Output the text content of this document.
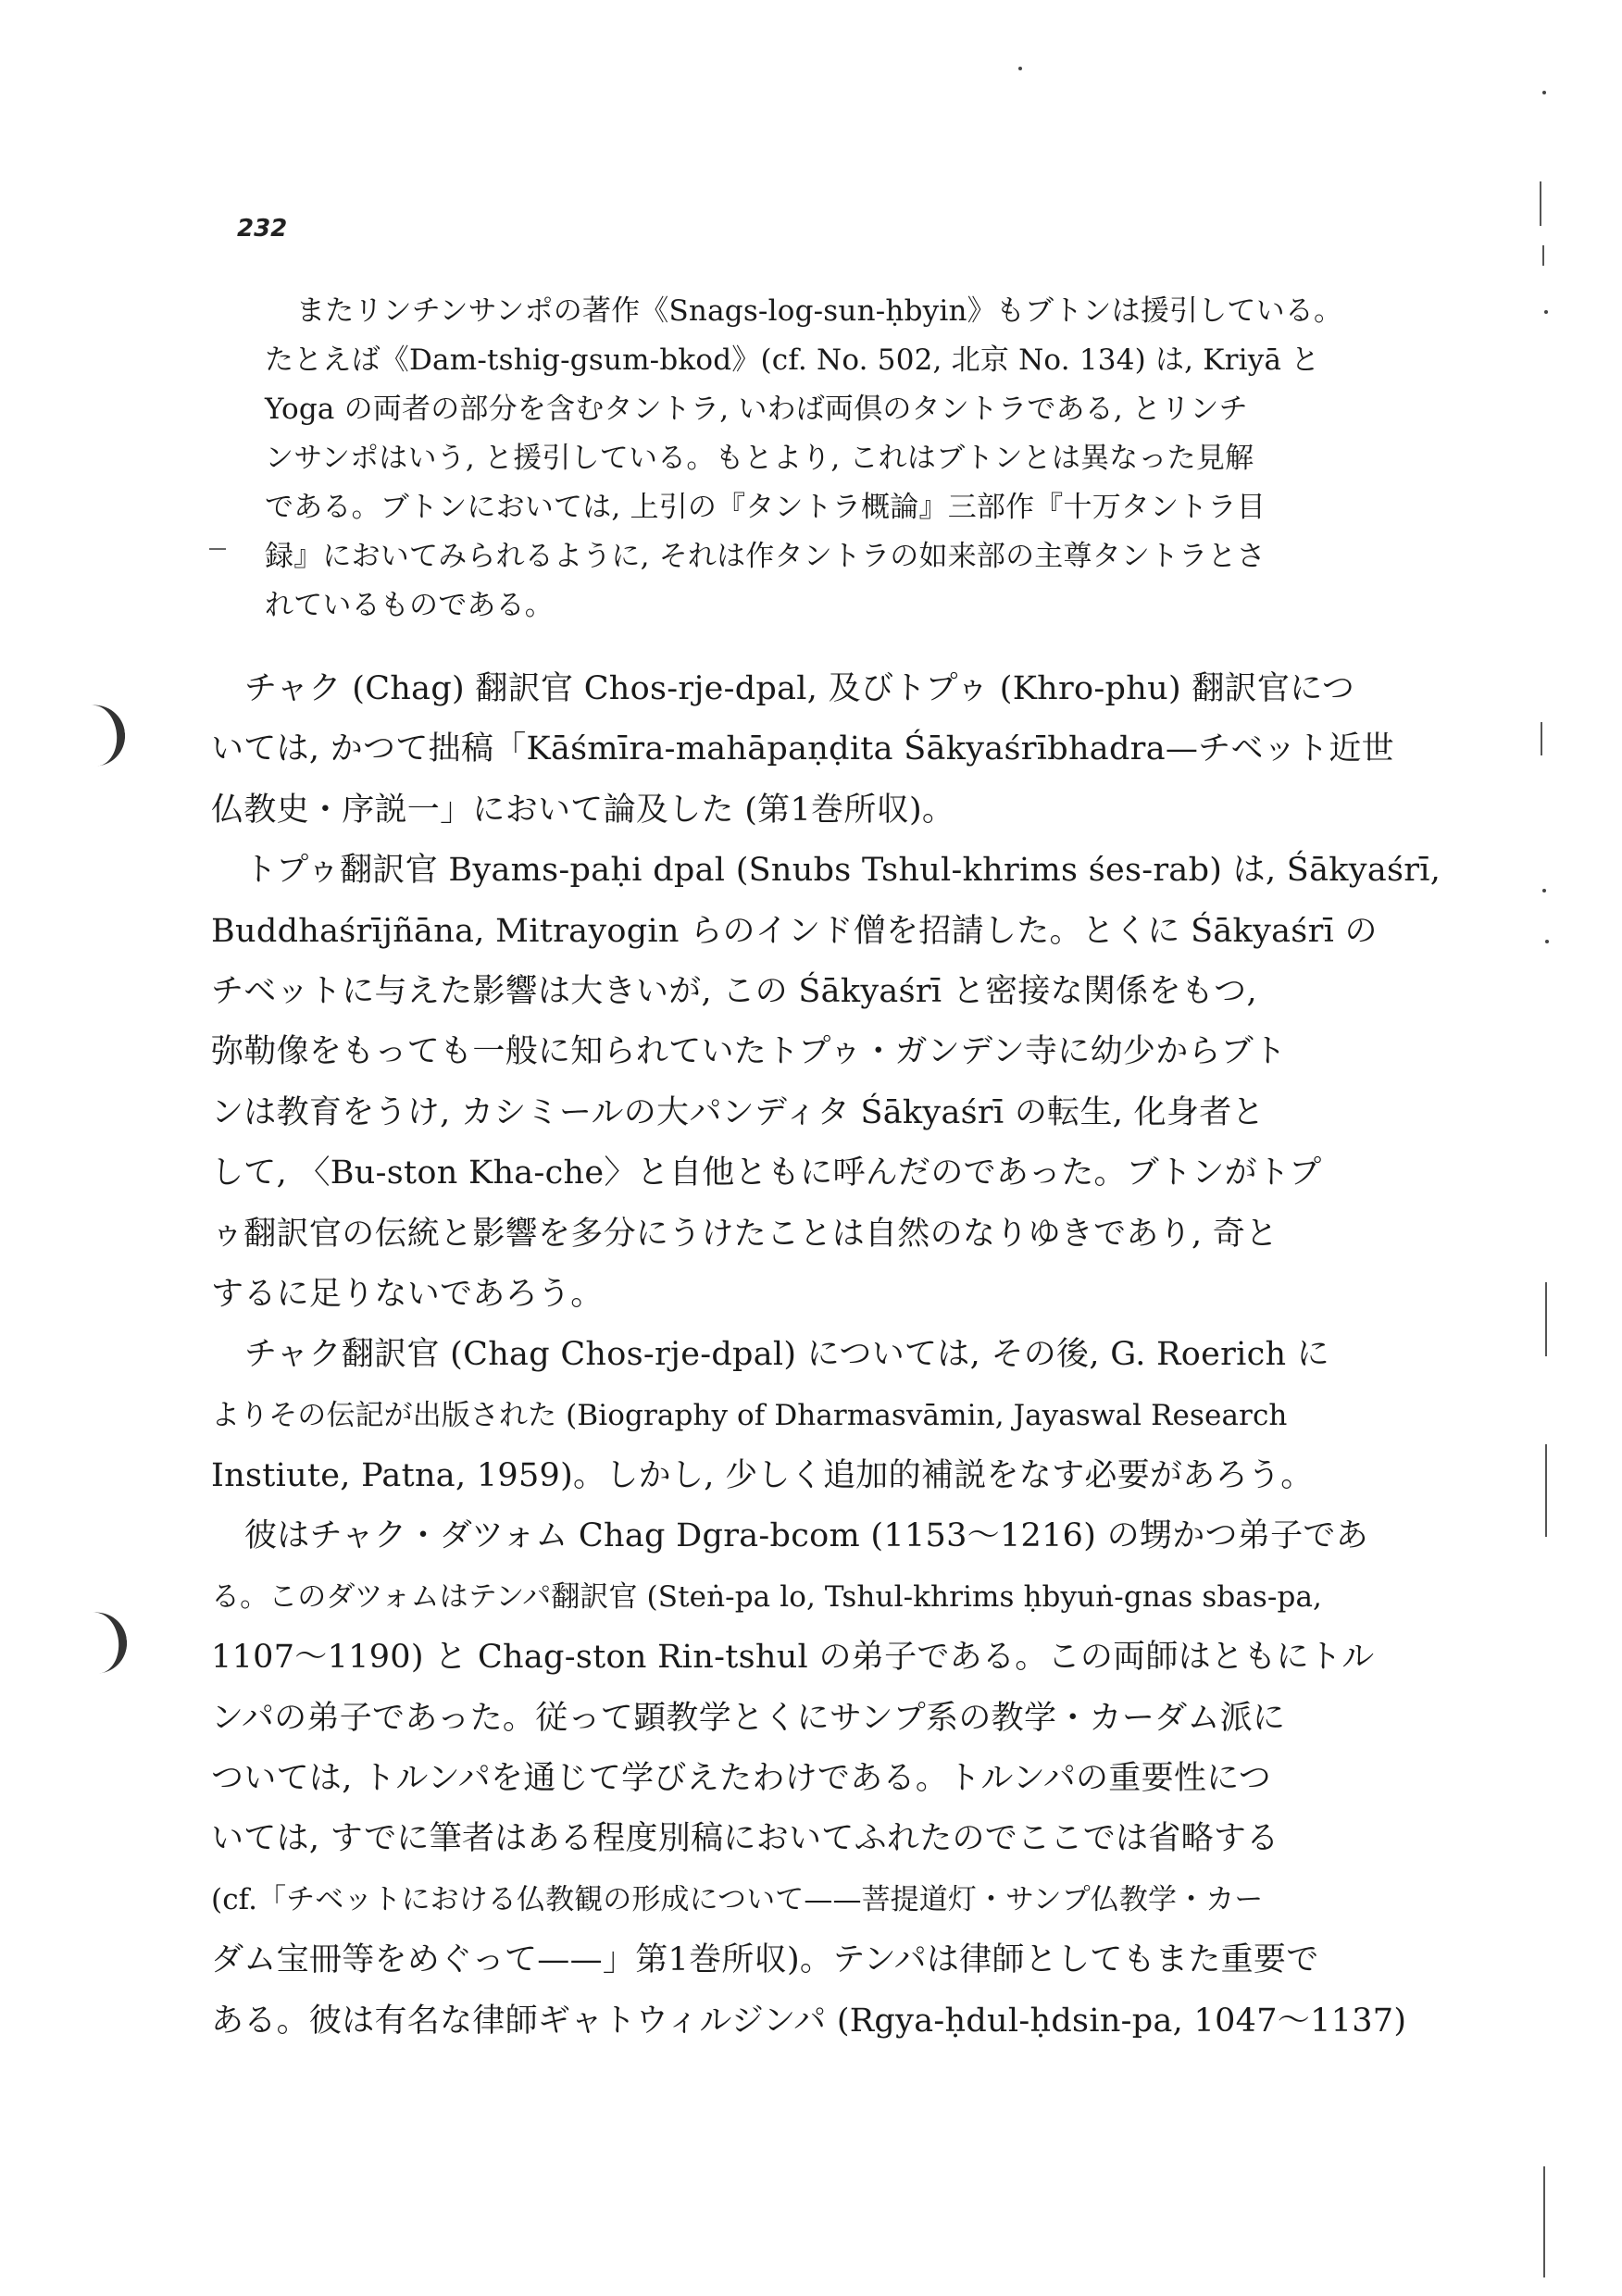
232
またリンチンサンポの著作《Snags-log-sun-ḥbyin》もブトンは援引している。
たとえば《Dam-tshig-gsum-bkod》(cf. No. 502, 北京 No. 134) は, Kriyā と
Yoga の両者の部分を含むタントラ, いわば両倶のタントラである, とリンチ
ンサンポはいう, と援引している。もとより, これはブトンとは異なった見解
である。ブトンにおいては, 上引の『タントラ概論』三部作『十万タントラ目
録』においてみられるように, それは作タントラの如来部の主尊タントラとさ
れているものである。
チャク (Chag) 翻訳官 Chos-rje-dpal, 及びトプゥ (Khro-phu) 翻訳官につ
いては, かつて拙稿「Kāśmīra-mahāpaṇḍita Śākyaśrībhadra—チベット近世
仏教史・序説一」において論及した (第1巻所収)。
トプゥ翻訳官 Byams-paḥi dpal (Snubs Tshul-khrims śes-rab) は, Śākyaśrī,
Buddhaśrījñāna, Mitrayogin らのインド僧を招請した。とくに Śākyaśrī の
チベットに与えた影響は大きいが, この Śākyaśrī と密接な関係をもつ,
弥勒像をもっても一般に知られていたトプゥ・ガンデン寺に幼少からブト
ンは教育をうけ, カシミールの大パンディタ Śākyaśrī の転生, 化身者と
して, 〈Bu-ston Kha-che〉と自他ともに呼んだのであった。ブトンがトプ
ゥ翻訳官の伝統と影響を多分にうけたことは自然のなりゆきであり, 奇と
するに足りないであろう。
チャク翻訳官 (Chag Chos-rje-dpal) については, その後, G. Roerich に
よりその伝記が出版された (Biography of Dharmasvāmin, Jayaswal Research
Instiute, Patna, 1959)。しかし, 少しく追加的補説をなす必要があろう。
彼はチャク・ダツォム Chag Dgra-bcom (1153〜1216) の甥かつ弟子であ
る。このダツォムはテンパ翻訳官 (Steṅ-pa lo, Tshul-khrims ḥbyuṅ-gnas sbas-pa,
1107〜1190) と Chag-ston Rin-tshul の弟子である。この両師はともにトル
ンパの弟子であった。従って顕教学とくにサンプ系の教学・カーダム派に
ついては, トルンパを通じて学びえたわけである。トルンパの重要性につ
いては, すでに筆者はある程度別稿においてふれたのでここでは省略する
(cf.「チベットにおける仏教観の形成について——菩提道灯・サンプ仏教学・カー
ダム宝冊等をめぐって——」第1巻所収)。テンパは律師としてもまた重要で
ある。彼は有名な律師ギャトウィルジンパ (Rgya-ḥdul-ḥdsin-pa, 1047〜1137)
